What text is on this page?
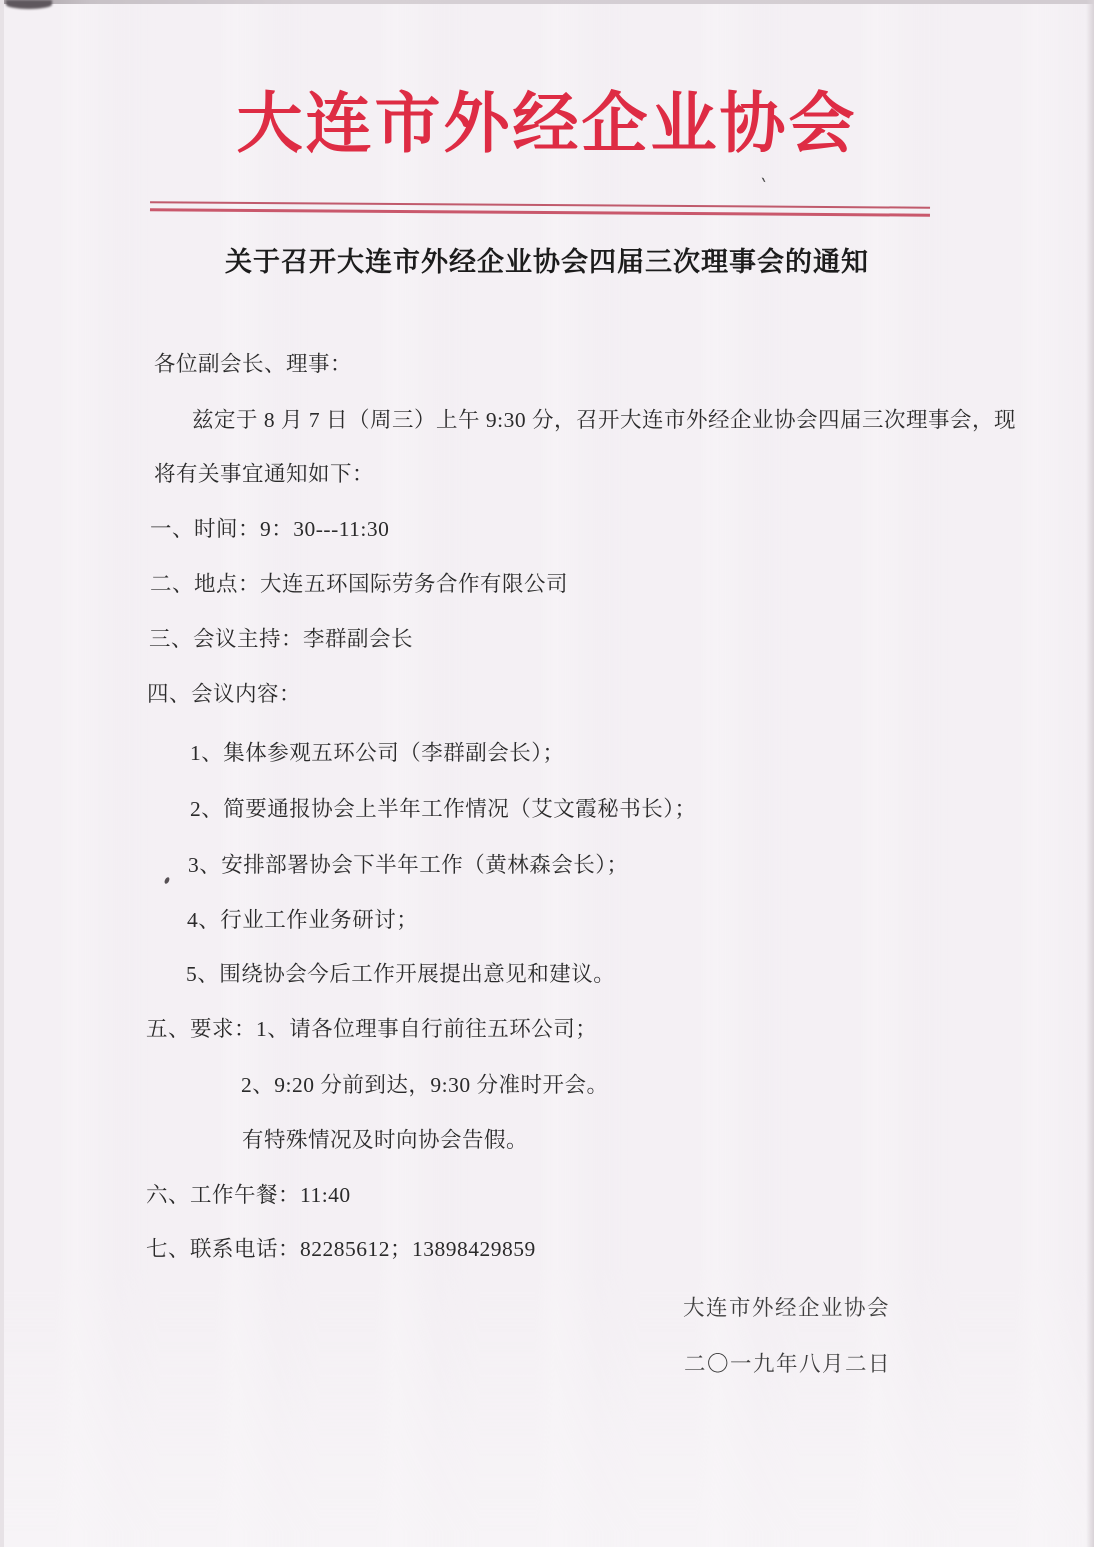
大连市外经企业协会
`
关于召开大连市外经企业协会四届三次理事会的通知
各位副会长、理事：
兹定于 8 月 7 日（周三）上午 9:30 分，召开大连市外经企业协会四届三次理事会，现
将有关事宜通知如下：
一、时间：9：30---11:30
二、地点：大连五环国际劳务合作有限公司
三、会议主持：李群副会长
四、会议内容：
1、集体参观五环公司（李群副会长）；
2、简要通报协会上半年工作情况（艾文霞秘书长）；
3、安排部署协会下半年工作（黄林森会长）；
4、行业工作业务研讨；
5、围绕协会今后工作开展提出意见和建议。
五、要求：1、请各位理事自行前往五环公司；
2、9:20 分前到达，9:30 分准时开会。
有特殊情况及时向协会告假。
六、工作午餐：11:40
七、联系电话：82285612；13898429859
大连市外经企业协会
二〇一九年八月二日
